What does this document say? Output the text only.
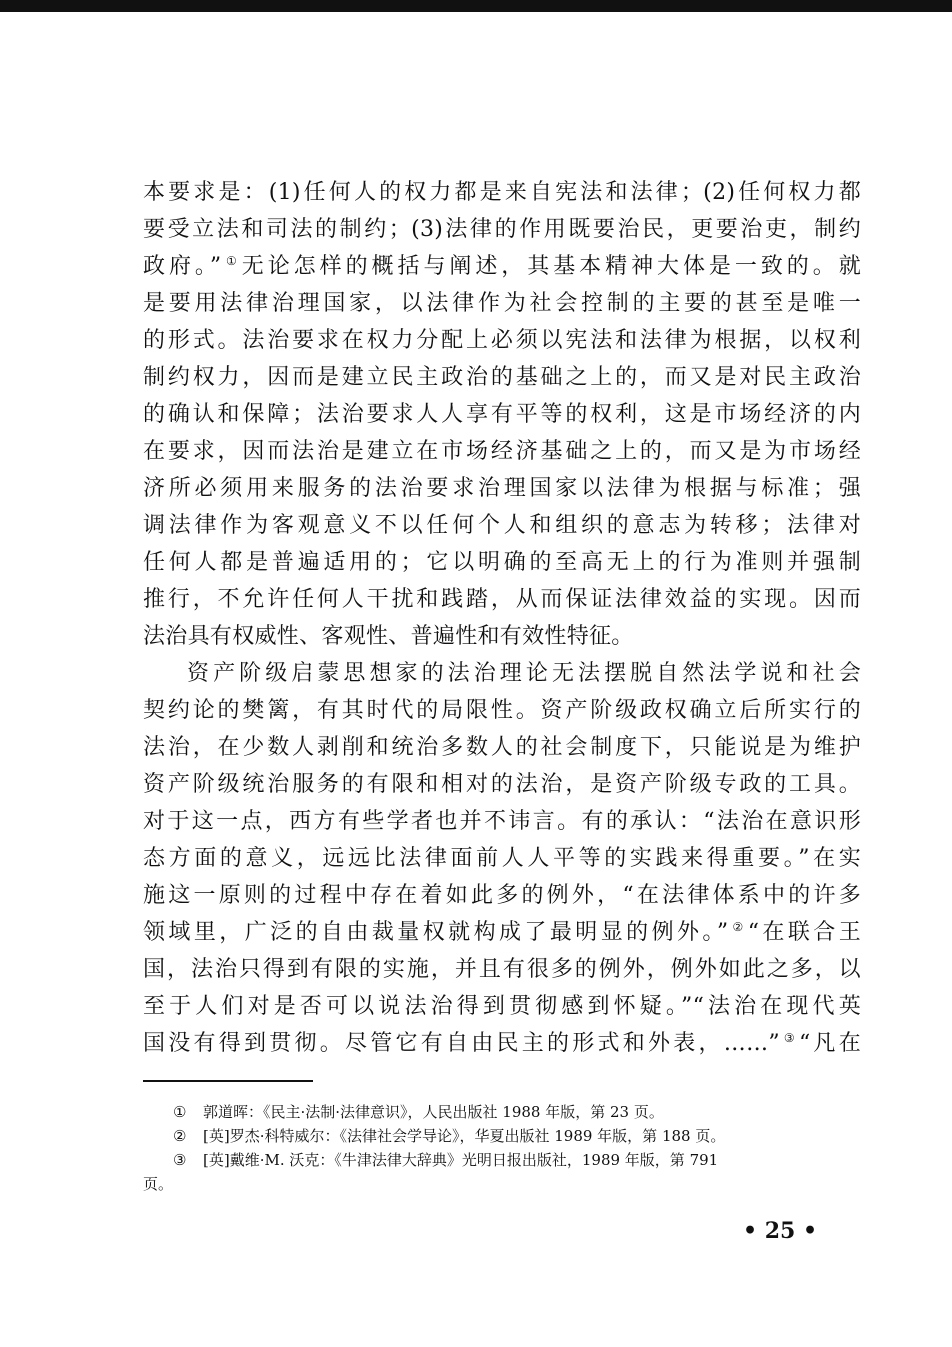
本要求是：(1)任何人的权力都是来自宪法和法律；(2)任何权力都
要受立法和司法的制约；(3)法律的作用既要治民，更要治吏，制约
政府。”①无论怎样的概括与阐述，其基本精神大体是一致的。就
是要用法律治理国家，以法律作为社会控制的主要的甚至是唯一
的形式。法治要求在权力分配上必须以宪法和法律为根据，以权利
制约权力，因而是建立民主政治的基础之上的，而又是对民主政治
的确认和保障；法治要求人人享有平等的权利，这是市场经济的内
在要求，因而法治是建立在市场经济基础之上的，而又是为市场经
济所必须用来服务的法治要求治理国家以法律为根据与标准；强
调法律作为客观意义不以任何个人和组织的意志为转移；法律对
任何人都是普遍适用的；它以明确的至高无上的行为准则并强制
推行，不允许任何人干扰和践踏，从而保证法律效益的实现。因而
法治具有权威性、客观性、普遍性和有效性特征。
资产阶级启蒙思想家的法治理论无法摆脱自然法学说和社会
契约论的樊篱，有其时代的局限性。资产阶级政权确立后所实行的
法治，在少数人剥削和统治多数人的社会制度下，只能说是为维护
资产阶级统治服务的有限和相对的法治，是资产阶级专政的工具。
对于这一点，西方有些学者也并不讳言。有的承认：“法治在意识形
态方面的意义，远远比法律面前人人平等的实践来得重要。”在实
施这一原则的过程中存在着如此多的例外，“在法律体系中的许多
领域里，广泛的自由裁量权就构成了最明显的例外。”②“在联合王
国，法治只得到有限的实施，并且有很多的例外，例外如此之多，以
至于人们对是否可以说法治得到贯彻感到怀疑。”“法治在现代英
国没有得到贯彻。尽管它有自由民主的形式和外表，……”③“凡在
① 郭道晖：《民主·法制·法律意识》，人民出版社 1988 年版，第 23 页。
② [英]罗杰·科特威尔：《法律社会学导论》，华夏出版社 1989 年版，第 188 页。
③ [英]戴维·M. 沃克：《牛津法律大辞典》光明日报出版社，1989 年版，第 791
页。
• 25 •
